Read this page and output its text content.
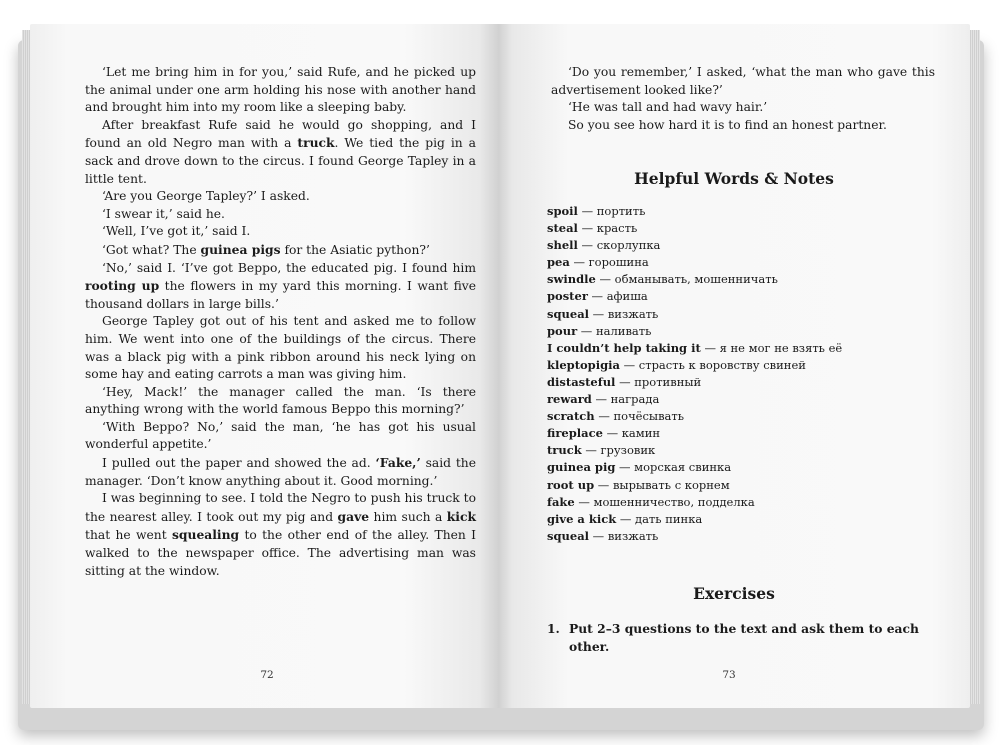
‘Let me bring him in for you,’ said Rufe, and he picked up the animal under one arm holding his nose with another hand and brought him into my room like a sleeping baby.

After breakfast Rufe said he would go shopping, and I found an old Negro man with a truck. We tied the pig in a sack and drove down to the circus. I found George Tapley in a little tent.

‘Are you George Tapley?’ I asked.

‘I swear it,’ said he.

‘Well, I’ve got it,’ said I.

‘Got what? The guinea pigs for the Asiatic python?’

‘No,’ said I. ‘I’ve got Beppo, the educated pig. I found him rooting up the flowers in my yard this morning. I want five thousand dollars in large bills.’

George Tapley got out of his tent and asked me to follow him. We went into one of the buildings of the circus. There was a black pig with a pink ribbon around his neck lying on some hay and eating carrots a man was giving him.

‘Hey, Mack!’ the manager called the man. ‘Is there anything wrong with the world famous Beppo this morning?’

‘With Beppo? No,’ said the man, ‘he has got his usual wonderful appetite.’

I pulled out the paper and showed the ad. ‘Fake,’ said the manager. ‘Don’t know anything about it. Good morning.’

I was beginning to see. I told the Negro to push his truck to the nearest alley. I took out my pig and gave him such a kick that he went squealing to the other end of the alley. Then I walked to the newspaper office. The advertising man was sitting at the window.

72

‘Do you remember,’ I asked, ‘what the man who gave this advertisement looked like?’

‘He was tall and had wavy hair.’

So you see how hard it is to find an honest partner.

Helpful Words & Notes
spoil — портить
steal — красть
shell — скорлупка
pea — горошина
swindle — обманывать, мошенничать
poster — афиша
squeal — визжать
pour — наливать
I couldn’t help taking it — я не мог не взять её
kleptopigia — страсть к воровству свиней
distasteful — противный
reward — награда
scratch — почёсывать
fireplace — камин
truck — грузовик
guinea pig — морская свинка
root up — вырывать с корнем
fake — мошенничество, подделка
give a kick — дать пинка
squeal — визжать
Exercises
1. Put 2–3 questions to the text and ask them to each other.
73
